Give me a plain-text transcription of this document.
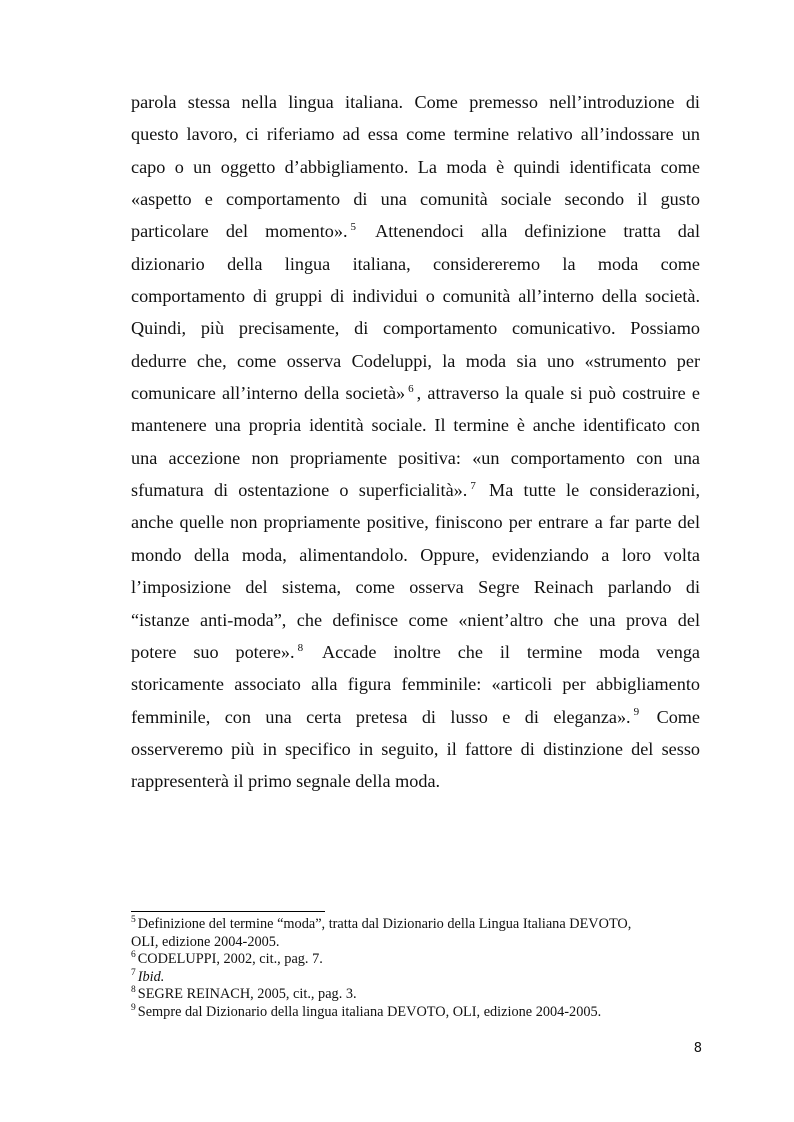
parola stessa nella lingua italiana. Come premesso nell’introduzione di
questo lavoro, ci riferiamo ad essa come termine relativo all’indossare un
capo o un oggetto d’abbigliamento. La moda è quindi identificata come
«aspetto e comportamento di una comunità sociale secondo il gusto
particolare del momento». $^5$ Attenendoci alla definizione tratta dal
dizionario della lingua italiana, considereremo la moda come
comportamento di gruppi di individui o comunità all’interno della società.
Quindi, più precisamente, di comportamento comunicativo. Possiamo
dedurre che, come osserva Codeluppi, la moda sia uno «strumento per
comunicare all’interno della società» $^6$ , attraverso la quale si può costruire e
mantenere una propria identità sociale. Il termine è anche identificato con
una accezione non propriamente positiva: «un comportamento con una
sfumatura di ostentazione o superficialità». $^7$ Ma tutte le considerazioni,
anche quelle non propriamente positive, finiscono per entrare a far parte del
mondo della moda, alimentandolo. Oppure, evidenziando a loro volta
l’imposizione del sistema, come osserva Segre Reinach parlando di
“istanze anti-moda”, che definisce come «nient’altro che una prova del
potere suo potere». $^8$ Accade inoltre che il termine moda venga
storicamente associato alla figura femminile: «articoli per abbigliamento
femminile, con una certa pretesa di lusso e di eleganza». $^9$ Come
osserveremo più in specifico in seguito, il fattore di distinzione del sesso
rappresenterà il primo segnale della moda.
$^5$ Definizione del termine “moda”, tratta dal Dizionario della Lingua Italiana DEVOTO,
OLI, edizione 2004-2005.
$^6$ CODELUPPI, 2002, cit., pag. 7.
$^7$ Ibid.
$^8$ SEGRE REINACH, 2005, cit., pag. 3.
$^9$ Sempre dal Dizionario della lingua italiana DEVOTO, OLI, edizione 2004-2005.
8
